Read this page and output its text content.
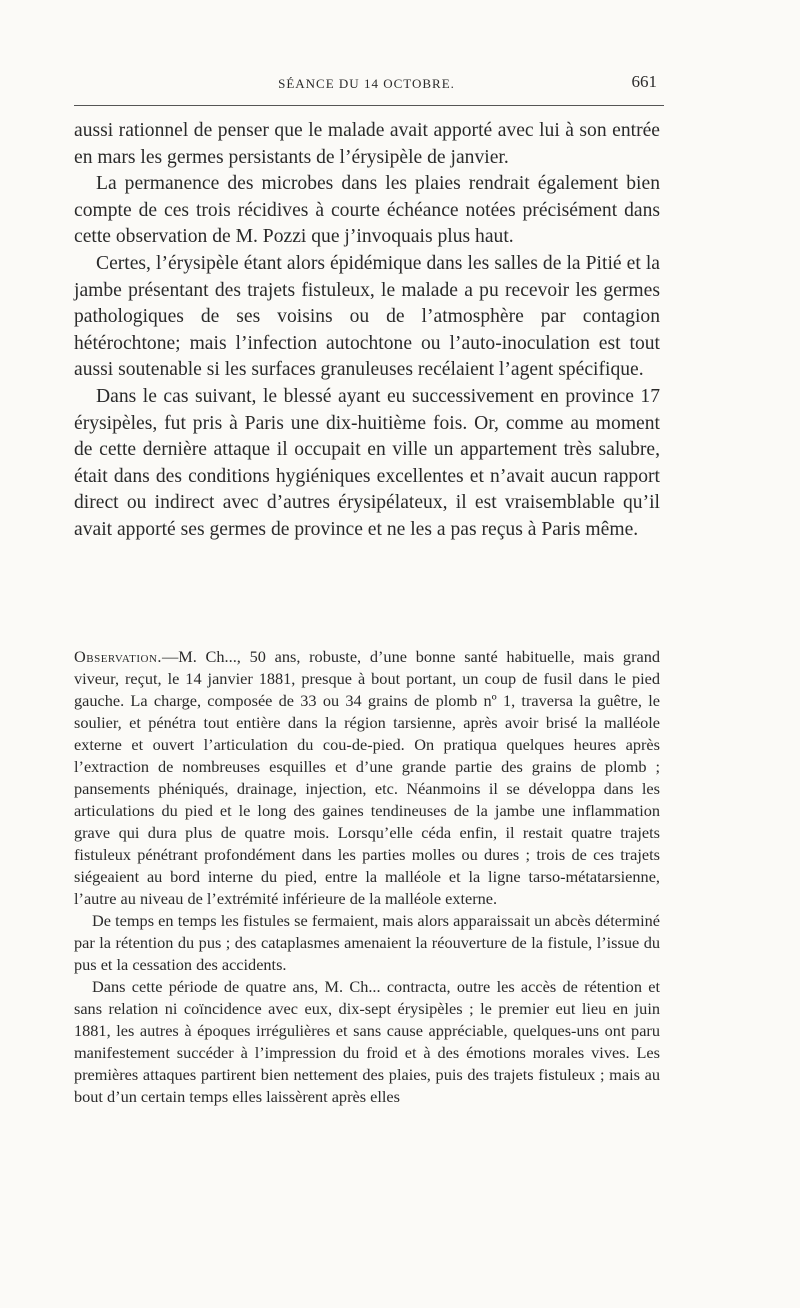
SÉANCE DU 14 OCTOBRE.	661

aussi rationnel de penser que le malade avait apporté avec lui à son entrée en mars les germes persistants de l’érysipèle de janvier.

La permanence des microbes dans les plaies rendrait également bien compte de ces trois récidives à courte échéance notées précisément dans cette observation de M. Pozzi que j’invoquais plus haut.

Certes, l’érysipèle étant alors épidémique dans les salles de la Pitié et la jambe présentant des trajets fistuleux, le malade a pu recevoir les germes pathologiques de ses voisins ou de l’atmosphère par contagion hétérochtone; mais l’infection autochtone ou l’auto-inoculation est tout aussi soutenable si les surfaces granuleuses recélaient l’agent spécifique.

Dans le cas suivant, le blessé ayant eu successivement en province 17 érysipèles, fut pris à Paris une dix-huitième fois. Or, comme au moment de cette dernière attaque il occupait en ville un appartement très salubre, était dans des conditions hygiéniques excellentes et n’avait aucun rapport direct ou indirect avec d’autres érysipélateux, il est vraisemblable qu’il avait apporté ses germes de province et ne les a pas reçus à Paris même.

Observation.—M. Ch..., 50 ans, robuste, d’une bonne santé habituelle, mais grand viveur, reçut, le 14 janvier 1881, presque à bout portant, un coup de fusil dans le pied gauche. La charge, composée de 33 ou 34 grains de plomb nº 1, traversa la guêtre, le soulier, et pénétra tout entière dans la région tarsienne, après avoir brisé la malléole externe et ouvert l’articulation du cou-de-pied. On pratiqua quelques heures après l’extraction de nombreuses esquilles et d’une grande partie des grains de plomb ; pansements phéniqués, drainage, injection, etc. Néanmoins il se développa dans les articulations du pied et le long des gaines tendineuses de la jambe une inflammation grave qui dura plus de quatre mois. Lorsqu’elle céda enfin, il restait quatre trajets fistuleux pénétrant profondément dans les parties molles ou dures ; trois de ces trajets siégeaient au bord interne du pied, entre la malléole et la ligne tarso-métatarsienne, l’autre au niveau de l’extrémité inférieure de la malléole externe.

De temps en temps les fistules se fermaient, mais alors apparaissait un abcès déterminé par la rétention du pus ; des cataplasmes amenaient la réouverture de la fistule, l’issue du pus et la cessation des accidents.

Dans cette période de quatre ans, M. Ch... contracta, outre les accès de rétention et sans relation ni coïncidence avec eux, dix-sept érysipèles ; le premier eut lieu en juin 1881, les autres à époques irrégulières et sans cause appréciable, quelques-uns ont paru manifestement succéder à l’impression du froid et à des émotions morales vives. Les premières attaques partirent bien nettement des plaies, puis des trajets fistuleux ; mais au bout d’un certain temps elles laissèrent après elles
